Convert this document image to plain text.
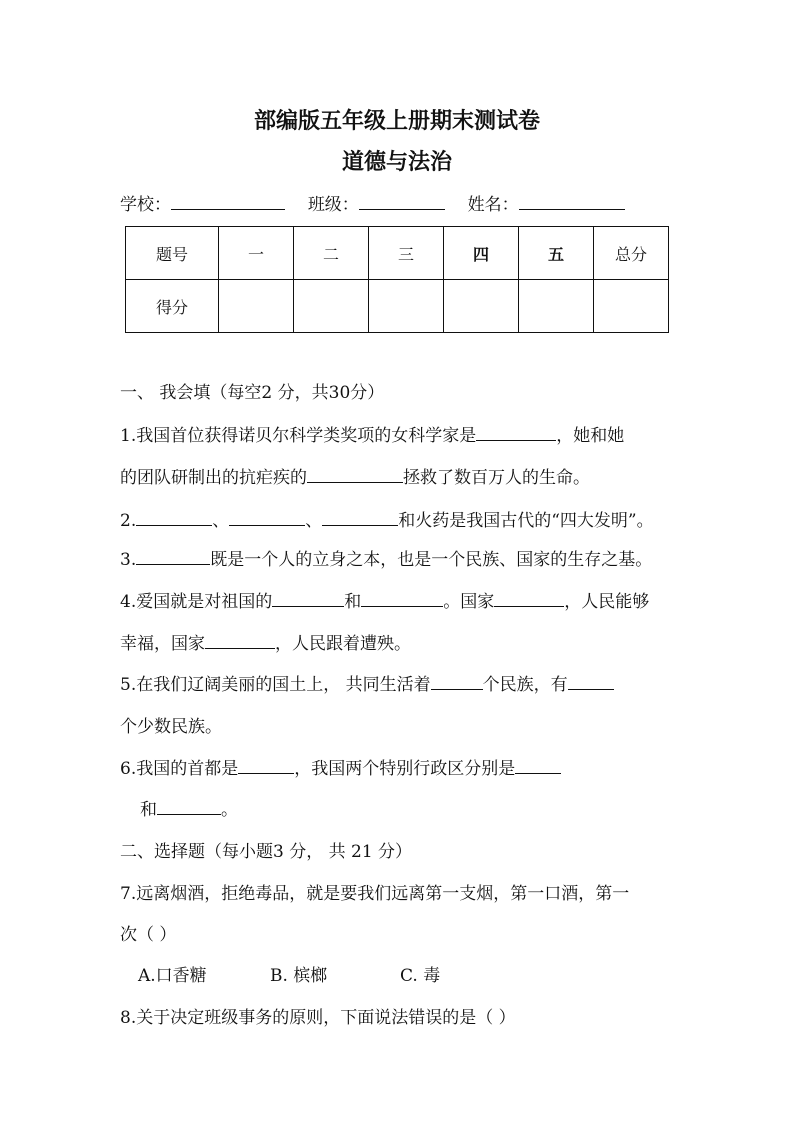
部编版五年级上册期末测试卷
道德与法治
学校：	班级：	姓名：
题号	一	二	三	四	五	总分
得分						
一、 我会填（每空2 分，共30分）
1.我国首位获得诺贝尔科学类奖项的女科学家是	，她和她
的团队研制出的抗疟疾的	拯救了数百万人的生命。
2.	、	、	和火药是我国古代的“四大发明”。
3.	既是一个人的立身之本，也是一个民族、国家的生存之基。
4.爱国就是对祖国的	和	。国家	，人民能够
幸福，国家	，人民跟着遭殃。
5.在我们辽阔美丽的国土上， 共同生活着	个民族，有
个少数民族。
6.我国的首都是	，我国两个特别行政区分别是
和	。
二、选择题（每小题3 分， 共 21 分）
7.远离烟酒，拒绝毒品，就是要我们远离第一支烟，第一口酒，第一
次（ ）
A.口香糖	B. 槟榔	C. 毒
8.关于决定班级事务的原则，下面说法错误的是（ ）
